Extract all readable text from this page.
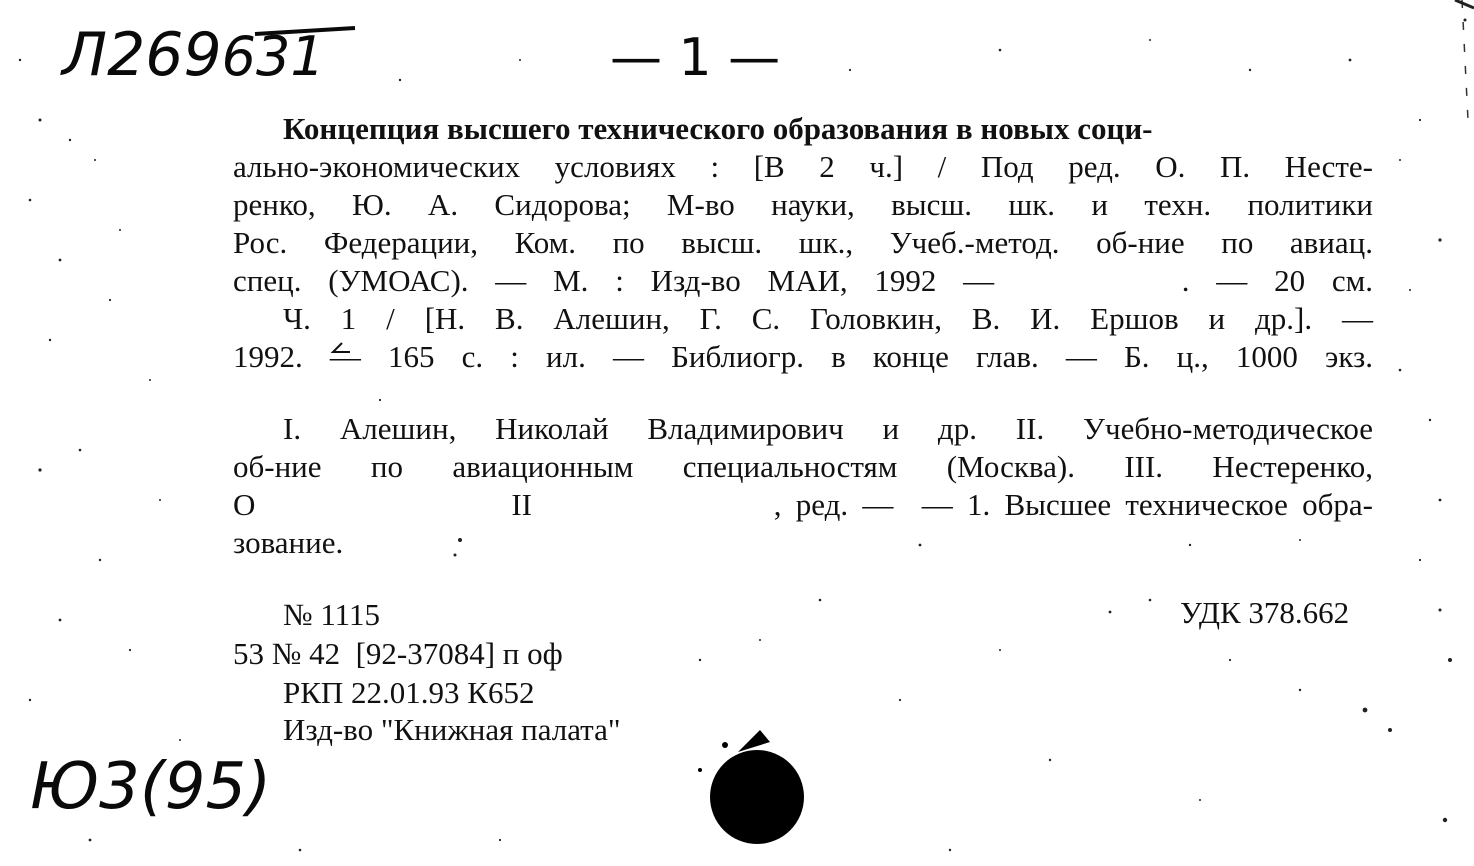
Л269631	— 1 —
Ю3(95)
Концепция высшего технического образования в новых соци-
ально-экономических условиях : [В 2 ч.] / Под ред. О. П. Несте-
ренко, Ю. А. Сидорова; М-во науки, высш. шк. и техн. политики
Рос. Федерации, Ком. по высш. шк., Учеб.-метод. об-ние по авиац.
спец. (УМОАС). — М. : Изд-во МАИ, 1992 —       . — 20 см.
Ч. 1 / [Н. В. Алешин, Г. С. Головкин, В. И. Ершов и др.]. —
1992. — 165 с. : ил. — Библиогр. в конце глав. — Б. ц., 1000 экз.
I. Алешин, Николай Владимирович и др. II. Учебно-методическое
об-ние по авиационным специальностям (Москва). III. Нестеренко,
О                  II                 , ред. —  — 1. Высшее техническое обра-
зование.
№ 1115
53 № 42  [92-37084] п оф
РКП 22.01.93 К652
Изд-во "Книжная палата"
УДК 378.662
